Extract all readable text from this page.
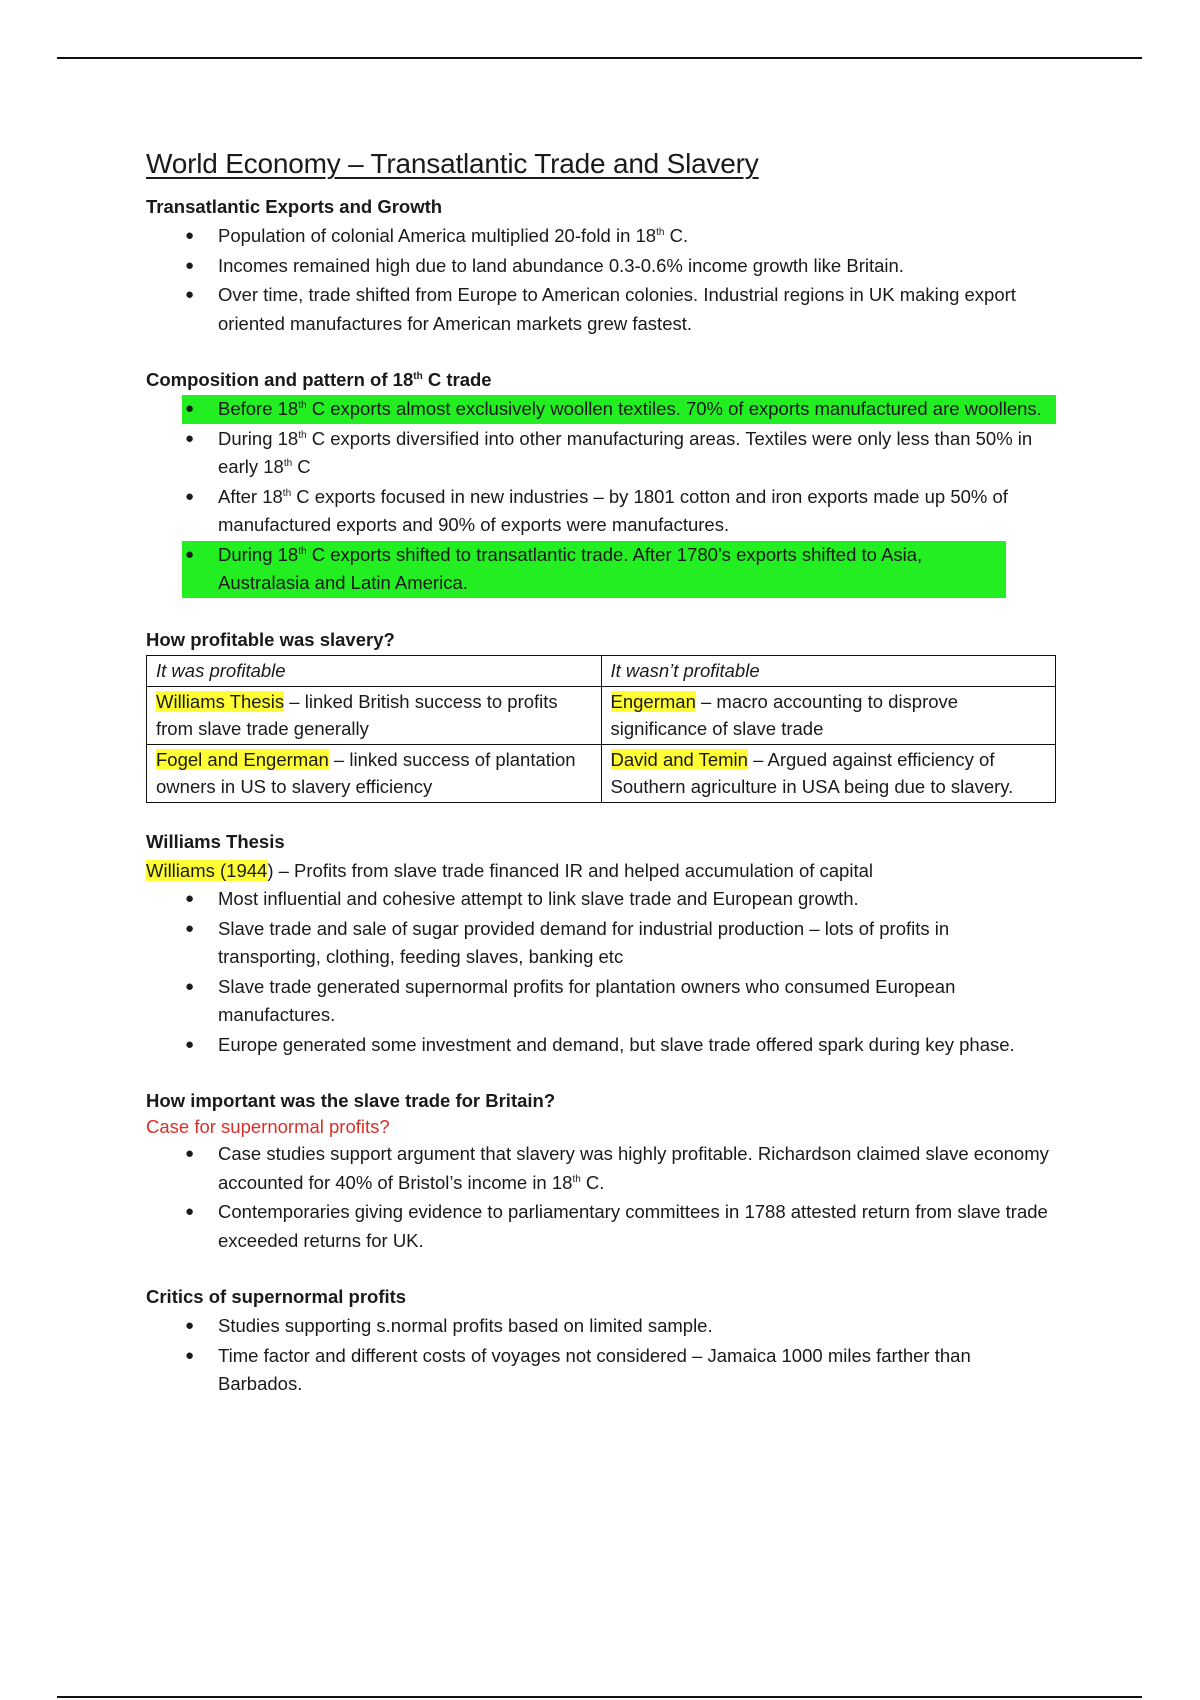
World Economy – Transatlantic Trade and Slavery
Transatlantic Exports and Growth
● Population of colonial America multiplied 20-fold in 18th C.
● Incomes remained high due to land abundance 0.3-0.6% income growth like Britain.
● Over time, trade shifted from Europe to American colonies. Industrial regions in UK making export oriented manufactures for American markets grew fastest.
Composition and pattern of 18th C trade
● Before 18th C exports almost exclusively woollen textiles. 70% of exports manufactured are woollens.
● During 18th C exports diversified into other manufacturing areas. Textiles were only less than 50% in early 18th C
● After 18th C exports focused in new industries – by 1801 cotton and iron exports made up 50% of manufactured exports and 90% of exports were manufactures.
● During 18th C exports shifted to transatlantic trade. After 1780’s exports shifted to Asia, Australasia and Latin America.
How profitable was slavery?
It was profitable	It wasn’t profitable
Williams Thesis – linked British success to profits from slave trade generally	Engerman – macro accounting to disprove significance of slave trade
Fogel and Engerman – linked success of plantation owners in US to slavery efficiency	David and Temin – Argued against efficiency of Southern agriculture in USA being due to slavery.
Williams Thesis
Williams (1944) – Profits from slave trade financed IR and helped accumulation of capital
● Most influential and cohesive attempt to link slave trade and European growth.
● Slave trade and sale of sugar provided demand for industrial production – lots of profits in transporting, clothing, feeding slaves, banking etc
● Slave trade generated supernormal profits for plantation owners who consumed European manufactures.
● Europe generated some investment and demand, but slave trade offered spark during key phase.
How important was the slave trade for Britain?
Case for supernormal profits?
● Case studies support argument that slavery was highly profitable. Richardson claimed slave economy accounted for 40% of Bristol’s income in 18th C.
● Contemporaries giving evidence to parliamentary committees in 1788 attested return from slave trade exceeded returns for UK.
Critics of supernormal profits
● Studies supporting s.normal profits based on limited sample.
● Time factor and different costs of voyages not considered – Jamaica 1000 miles farther than Barbados.
